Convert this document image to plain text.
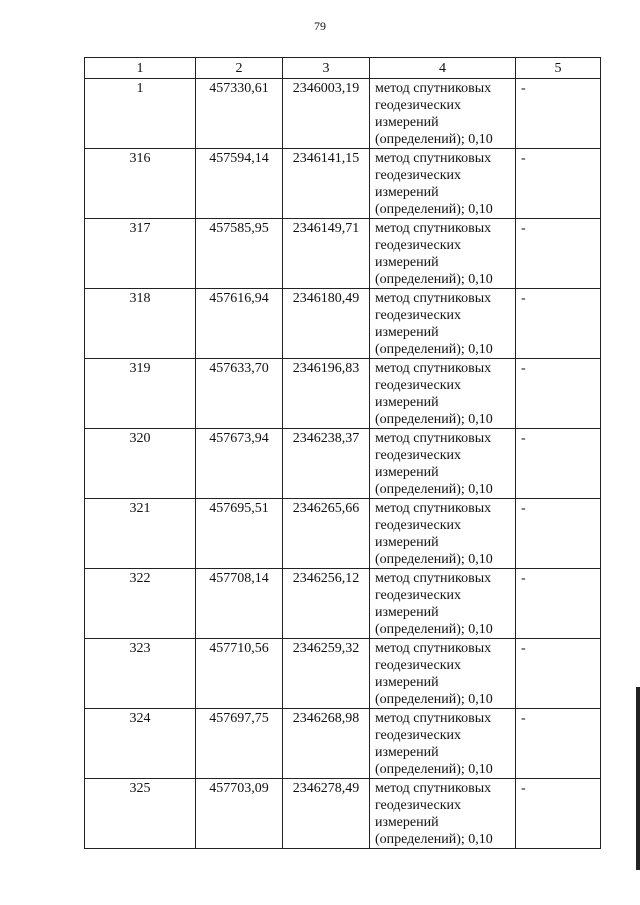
79
1	2	3	4	5
1	457330,61	2346003,19	метод спутниковых геодезических измерений (определений); 0,10	-
316	457594,14	2346141,15	метод спутниковых геодезических измерений (определений); 0,10	-
317	457585,95	2346149,71	метод спутниковых геодезических измерений (определений); 0,10	-
318	457616,94	2346180,49	метод спутниковых геодезических измерений (определений); 0,10	-
319	457633,70	2346196,83	метод спутниковых геодезических измерений (определений); 0,10	-
320	457673,94	2346238,37	метод спутниковых геодезических измерений (определений); 0,10	-
321	457695,51	2346265,66	метод спутниковых геодезических измерений (определений); 0,10	-
322	457708,14	2346256,12	метод спутниковых геодезических измерений (определений); 0,10	-
323	457710,56	2346259,32	метод спутниковых геодезических измерений (определений); 0,10	-
324	457697,75	2346268,98	метод спутниковых геодезических измерений (определений); 0,10	-
325	457703,09	2346278,49	метод спутниковых геодезических измерений (определений); 0,10	-
